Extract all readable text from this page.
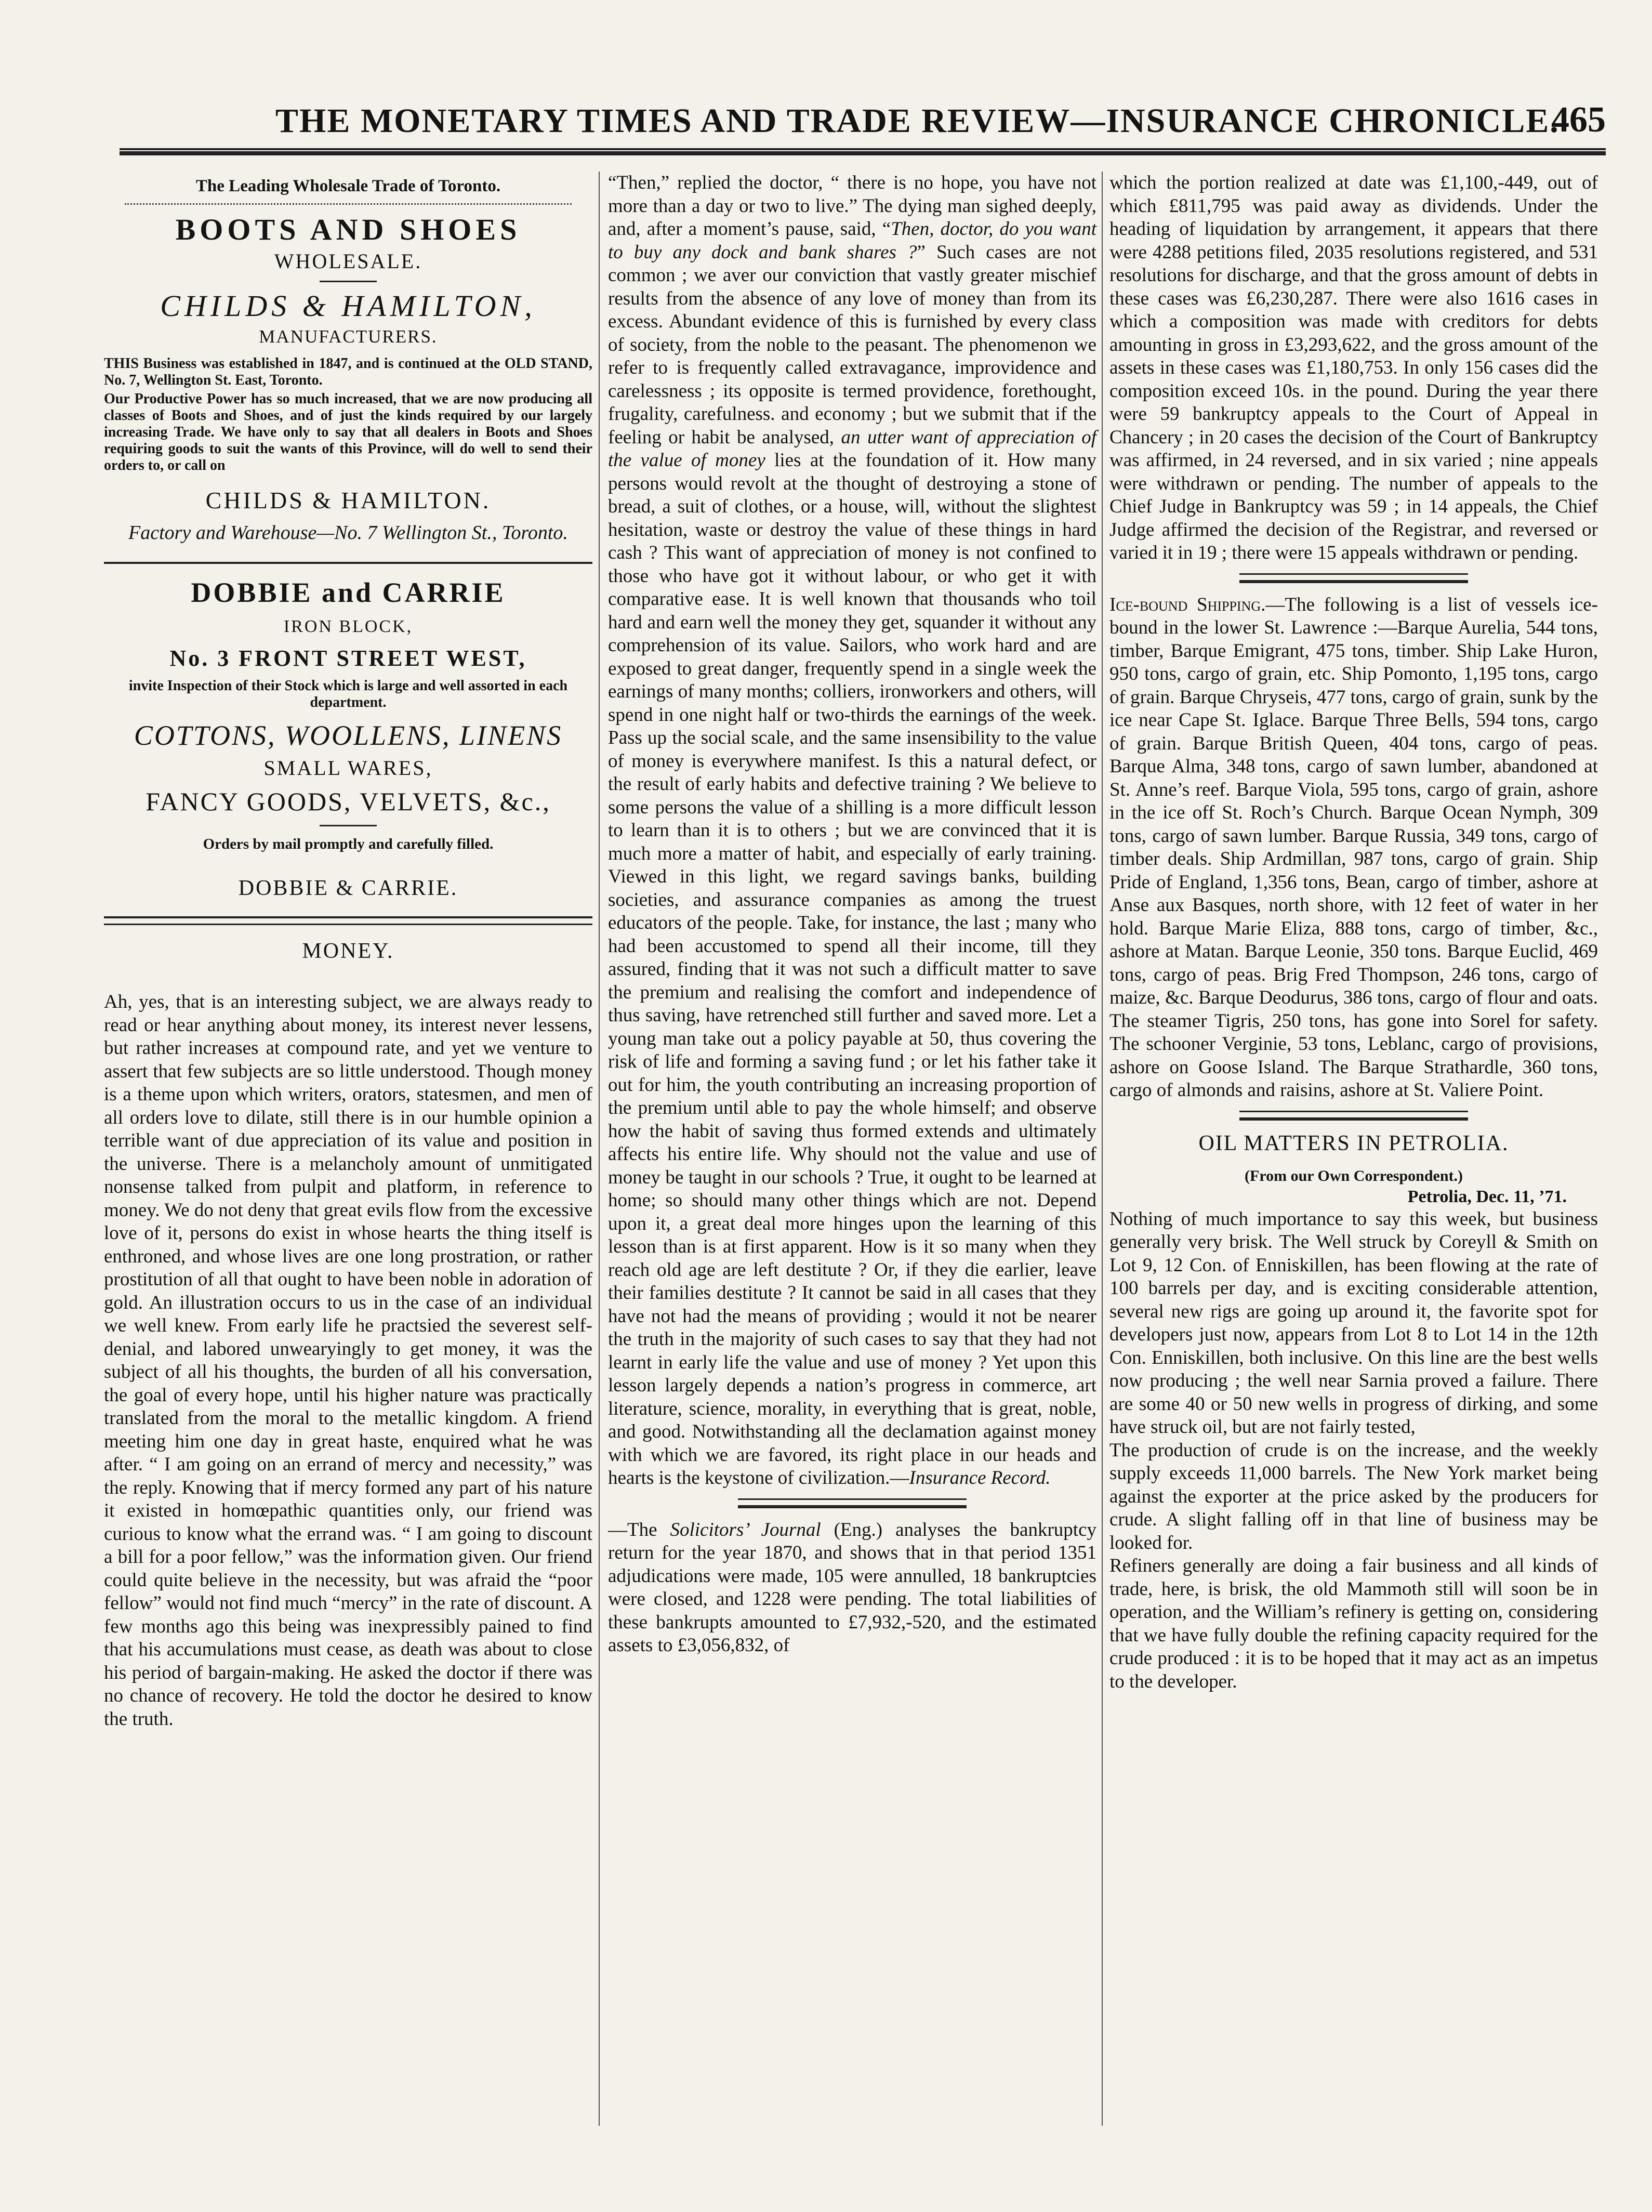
THE MONETARY TIMES AND TRADE REVIEW—INSURANCE CHRONICLE.
465
The Leading Wholesale Trade of Toronto.
BOOTS AND SHOES
WHOLESALE.
CHILDS & HAMILTON,
MANUFACTURERS.

THIS Business was established in 1847, and is continued at the OLD STAND, No. 7, Wellington St. East, Toronto.

Our Productive Power has so much increased, that we are now producing all classes of Boots and Shoes, and of just the kinds required by our largely increasing Trade. We have only to say that all dealers in Boots and Shoes requiring goods to suit the wants of this Province, will do well to send their orders to, or call on

CHILDS & HAMILTON.
Factory and Warehouse—No. 7 Wellington St., Toronto.
DOBBIE and CARRIE
IRON BLOCK,
No. 3 FRONT STREET WEST,
invite Inspection of their Stock which is large and well assorted in each department.
COTTONS, WOOLLENS, LINENS
SMALL WARES,
FANCY GOODS, VELVETS, &c.,
Orders by mail promptly and carefully filled.
DOBBIE & CARRIE.
MONEY.

Ah, yes, that is an interesting subject, we are always ready to read or hear anything about money, its interest never lessens, but rather increases at compound rate, and yet we venture to assert that few subjects are so little understood. Though money is a theme upon which writers, orators, statesmen, and men of all orders love to dilate, still there is in our humble opinion a terrible want of due appreciation of its value and position in the universe. There is a melancholy amount of unmitigated nonsense talked from pulpit and platform, in reference to money. We do not deny that great evils flow from the excessive love of it, persons do exist in whose hearts the thing itself is enthroned, and whose lives are one long prostration, or rather prostitution of all that ought to have been noble in adoration of gold. An illustration occurs to us in the case of an individual we well knew. From early life he practsied the severest self-denial, and labored unwearyingly to get money, it was the subject of all his thoughts, the burden of all his conversation, the goal of every hope, until his higher nature was practically translated from the moral to the metallic kingdom. A friend meeting him one day in great haste, enquired what he was after. “ I am going on an errand of mercy and necessity,” was the reply. Knowing that if mercy formed any part of his nature it existed in homœpathic quantities only, our friend was curious to know what the errand was. “ I am going to discount a bill for a poor fellow,” was the information given. Our friend could quite believe in the necessity, but was afraid the “poor fellow” would not find much “mercy” in the rate of discount. A few months ago this being was inexpressibly pained to find that his accumulations must cease, as death was about to close his period of bargain-making. He asked the doctor if there was no chance of recovery. He told the doctor he desired to know the truth.

“Then,” replied the doctor, “ there is no hope, you have not more than a day or two to live.” The dying man sighed deeply, and, after a moment’s pause, said, “Then, doctor, do you want to buy any dock and bank shares ?” Such cases are not common ; we aver our conviction that vastly greater mischief results from the absence of any love of money than from its excess. Abundant evidence of this is furnished by every class of society, from the noble to the peasant. The phenomenon we refer to is frequently called extravagance, improvidence and carelessness ; its opposite is termed providence, forethought, frugality, carefulness. and economy ; but we submit that if the feeling or habit be analysed, an utter want of appreciation of the value of money lies at the foundation of it. How many persons would revolt at the thought of destroying a stone of bread, a suit of clothes, or a house, will, without the slightest hesitation, waste or destroy the value of these things in hard cash ? This want of appreciation of money is not confined to those who have got it without labour, or who get it with comparative ease. It is well known that thousands who toil hard and earn well the money they get, squander it without any comprehension of its value. Sailors, who work hard and are exposed to great danger, frequently spend in a single week the earnings of many months; colliers, ironworkers and others, will spend in one night half or two-thirds the earnings of the week. Pass up the social scale, and the same insensibility to the value of money is everywhere manifest. Is this a natural defect, or the result of early habits and defective training ? We believe to some persons the value of a shilling is a more difficult lesson to learn than it is to others ; but we are convinced that it is much more a matter of habit, and especially of early training. Viewed in this light, we regard savings banks, building societies, and assurance companies as among the truest educators of the people. Take, for instance, the last ; many who had been accustomed to spend all their income, till they assured, finding that it was not such a difficult matter to save the premium and realising the comfort and independence of thus saving, have retrenched still further and saved more. Let a young man take out a policy payable at 50, thus covering the risk of life and forming a saving fund ; or let his father take it out for him, the youth contributing an increasing proportion of the premium until able to pay the whole himself; and observe how the habit of saving thus formed extends and ultimately affects his entire life. Why should not the value and use of money be taught in our schools ? True, it ought to be learned at home; so should many other things which are not. Depend upon it, a great deal more hinges upon the learning of this lesson than is at first apparent. How is it so many when they reach old age are left destitute ? Or, if they die earlier, leave their families destitute ? It cannot be said in all cases that they have not had the means of providing ; would it not be nearer the truth in the majority of such cases to say that they had not learnt in early life the value and use of money ? Yet upon this lesson largely depends a nation’s progress in commerce, art literature, science, morality, in everything that is great, noble, and good. Notwithstanding all the declamation against money with which we are favored, its right place in our heads and hearts is the keystone of civilization.—Insurance Record.

—The Solicitors’ Journal (Eng.) analyses the bankruptcy return for the year 1870, and shows that in that period 1351 adjudications were made, 105 were annulled, 18 bankruptcies were closed, and 1228 were pending. The total liabilities of these bankrupts amounted to £7,932,-520, and the estimated assets to £3,056,832, of

which the portion realized at date was £1,100,-449, out of which £811,795 was paid away as dividends. Under the heading of liquidation by arrangement, it appears that there were 4288 petitions filed, 2035 resolutions registered, and 531 resolutions for discharge, and that the gross amount of debts in these cases was £6,230,287. There were also 1616 cases in which a composition was made with creditors for debts amounting in gross in £3,293,622, and the gross amount of the assets in these cases was £1,180,753. In only 156 cases did the composition exceed 10s. in the pound. During the year there were 59 bankruptcy appeals to the Court of Appeal in Chancery ; in 20 cases the decision of the Court of Bankruptcy was affirmed, in 24 reversed, and in six varied ; nine appeals were withdrawn or pending. The number of appeals to the Chief Judge in Bankruptcy was 59 ; in 14 appeals, the Chief Judge affirmed the decision of the Registrar, and reversed or varied it in 19 ; there were 15 appeals withdrawn or pending.

Ice-bound Shipping.—The following is a list of vessels ice-bound in the lower St. Lawrence :—Barque Aurelia, 544 tons, timber, Barque Emigrant, 475 tons, timber. Ship Lake Huron, 950 tons, cargo of grain, etc. Ship Pomonto, 1,195 tons, cargo of grain. Barque Chryseis, 477 tons, cargo of grain, sunk by the ice near Cape St. Iglace. Barque Three Bells, 594 tons, cargo of grain. Barque British Queen, 404 tons, cargo of peas. Barque Alma, 348 tons, cargo of sawn lumber, abandoned at St. Anne’s reef. Barque Viola, 595 tons, cargo of grain, ashore in the ice off St. Roch’s Church. Barque Ocean Nymph, 309 tons, cargo of sawn lumber. Barque Russia, 349 tons, cargo of timber deals. Ship Ardmillan, 987 tons, cargo of grain. Ship Pride of England, 1,356 tons, Bean, cargo of timber, ashore at Anse aux Basques, north shore, with 12 feet of water in her hold. Barque Marie Eliza, 888 tons, cargo of timber, &c., ashore at Matan. Barque Leonie, 350 tons. Barque Euclid, 469 tons, cargo of peas. Brig Fred Thompson, 246 tons, cargo of maize, &c. Barque Deodurus, 386 tons, cargo of flour and oats. The steamer Tigris, 250 tons, has gone into Sorel for safety. The schooner Verginie, 53 tons, Leblanc, cargo of provisions, ashore on Goose Island. The Barque Strathardle, 360 tons, cargo of almonds and raisins, ashore at St. Valiere Point.

OIL MATTERS IN PETROLIA.
(From our Own Correspondent.)
Petrolia, Dec. 11, ’71.

Nothing of much importance to say this week, but business generally very brisk. The Well struck by Coreyll & Smith on Lot 9, 12 Con. of Enniskillen, has been flowing at the rate of 100 barrels per day, and is exciting considerable attention, several new rigs are going up around it, the favorite spot for developers just now, appears from Lot 8 to Lot 14 in the 12th Con. Enniskillen, both inclusive. On this line are the best wells now producing ; the well near Sarnia proved a failure. There are some 40 or 50 new wells in progress of dirking, and some have struck oil, but are not fairly tested,

The production of crude is on the increase, and the weekly supply exceeds 11,000 barrels. The New York market being against the exporter at the price asked by the producers for crude. A slight falling off in that line of business may be looked for.

Refiners generally are doing a fair business and all kinds of trade, here, is brisk, the old Mammoth still will soon be in operation, and the William’s refinery is getting on, considering that we have fully double the refining capacity required for the crude produced : it is to be hoped that it may act as an impetus to the developer.
